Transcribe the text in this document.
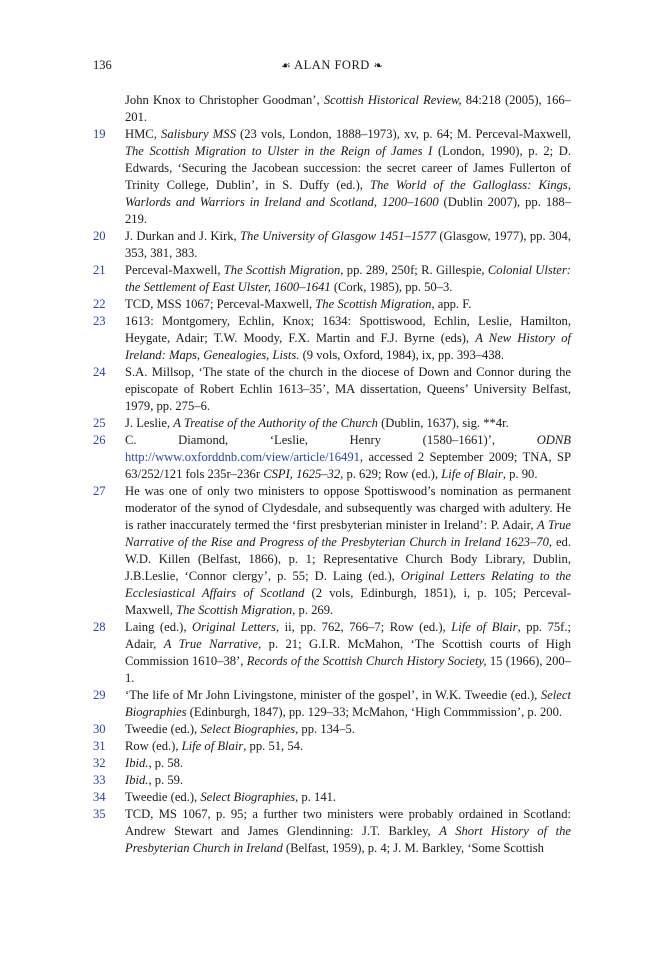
136	☙ ALAN FORD ❧
John Knox to Christopher Goodman’, Scottish Historical Review, 84:218 (2005), 166–201.
19	HMC, Salisbury MSS (23 vols, London, 1888–1973), xv, p. 64; M. Perceval-Maxwell, The Scottish Migration to Ulster in the Reign of James I (London, 1990), p. 2; D. Edwards, ‘Securing the Jacobean succession: the secret career of James Fullerton of Trinity College, Dublin’, in S. Duffy (ed.), The World of the Galloglass: Kings, Warlords and Warriors in Ireland and Scotland, 1200–1600 (Dublin 2007), pp. 188–219.
20	J. Durkan and J. Kirk, The University of Glasgow 1451–1577 (Glasgow, 1977), pp. 304, 353, 381, 383.
21	Perceval-Maxwell, The Scottish Migration, pp. 289, 250f; R. Gillespie, Colonial Ulster: the Settlement of East Ulster, 1600–1641 (Cork, 1985), pp. 50–3.
22	TCD, MSS 1067; Perceval-Maxwell, The Scottish Migration, app. F.
23	1613: Montgomery, Echlin, Knox; 1634: Spottiswood, Echlin, Leslie, Hamilton, Heygate, Adair; T.W. Moody, F.X. Martin and F.J. Byrne (eds), A New History of Ireland: Maps, Genealogies, Lists. (9 vols, Oxford, 1984), ix, pp. 393–438.
24	S.A. Millsop, ‘The state of the church in the diocese of Down and Connor during the episcopate of Robert Echlin 1613–35’, MA dissertation, Queens’ University Belfast, 1979, pp. 275–6.
25	J. Leslie, A Treatise of the Authority of the Church (Dublin, 1637), sig. **4r.
26	C. Diamond, ‘Leslie, Henry (1580–1661)’, ODNB http://www.oxforddnb.com/view/article/16491, accessed 2 September 2009; TNA, SP 63/252/121 fols 235r–236r CSPI, 1625–32, p. 629; Row (ed.), Life of Blair, p. 90.
27	He was one of only two ministers to oppose Spottiswood’s nomination as permanent moderator of the synod of Clydesdale, and subsequently was charged with adultery. He is rather inaccurately termed the ‘first presbyterian minister in Ireland’: P. Adair, A True Narrative of the Rise and Progress of the Presbyterian Church in Ireland 1623–70, ed. W.D. Killen (Belfast, 1866), p. 1; Representative Church Body Library, Dublin, J.B.Leslie, ‘Connor clergy’, p. 55; D. Laing (ed.), Original Letters Relating to the Ecclesiastical Affairs of Scotland (2 vols, Edinburgh, 1851), i, p. 105; Perceval-Maxwell, The Scottish Migration, p. 269.
28	Laing (ed.), Original Letters, ii, pp. 762, 766–7; Row (ed.), Life of Blair, pp. 75f.; Adair, A True Narrative, p. 21; G.I.R. McMahon, ‘The Scottish courts of High Commission 1610–38’, Records of the Scottish Church History Society, 15 (1966), 200–1.
29	‘The life of Mr John Livingstone, minister of the gospel’, in W.K. Tweedie (ed.), Select Biographies (Edinburgh, 1847), pp. 129–33; McMahon, ‘High Commmission’, p. 200.
30	Tweedie (ed.), Select Biographies, pp. 134–5.
31	Row (ed.), Life of Blair, pp. 51, 54.
32	Ibid., p. 58.
33	Ibid., p. 59.
34	Tweedie (ed.), Select Biographies, p. 141.
35	TCD, MS 1067, p. 95; a further two ministers were probably ordained in Scotland: Andrew Stewart and James Glendinning: J.T. Barkley, A Short History of the Presbyterian Church in Ireland (Belfast, 1959), p. 4; J. M. Barkley, ‘Some Scottish
